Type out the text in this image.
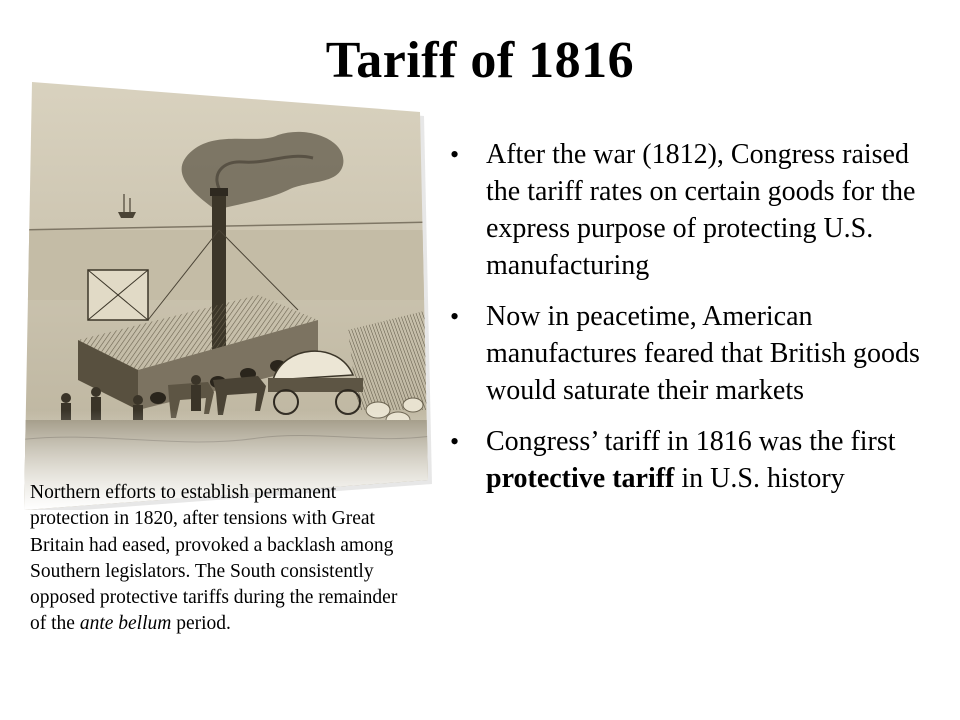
Tariff of 1816
• After the war (1812), Congress raised the tariff rates on certain goods for the express purpose of protecting U.S. manufacturing
• Now in peacetime, American manufactures feared that British goods would saturate their markets
• Congress’ tariff in 1816 was the first protective tariff in U.S. history
Northern efforts to establish permanent protection in 1820, after tensions with Great Britain had eased, provoked a backlash among Southern legislators. The South consistently opposed protective tariffs during the remainder of the ante bellum period.
